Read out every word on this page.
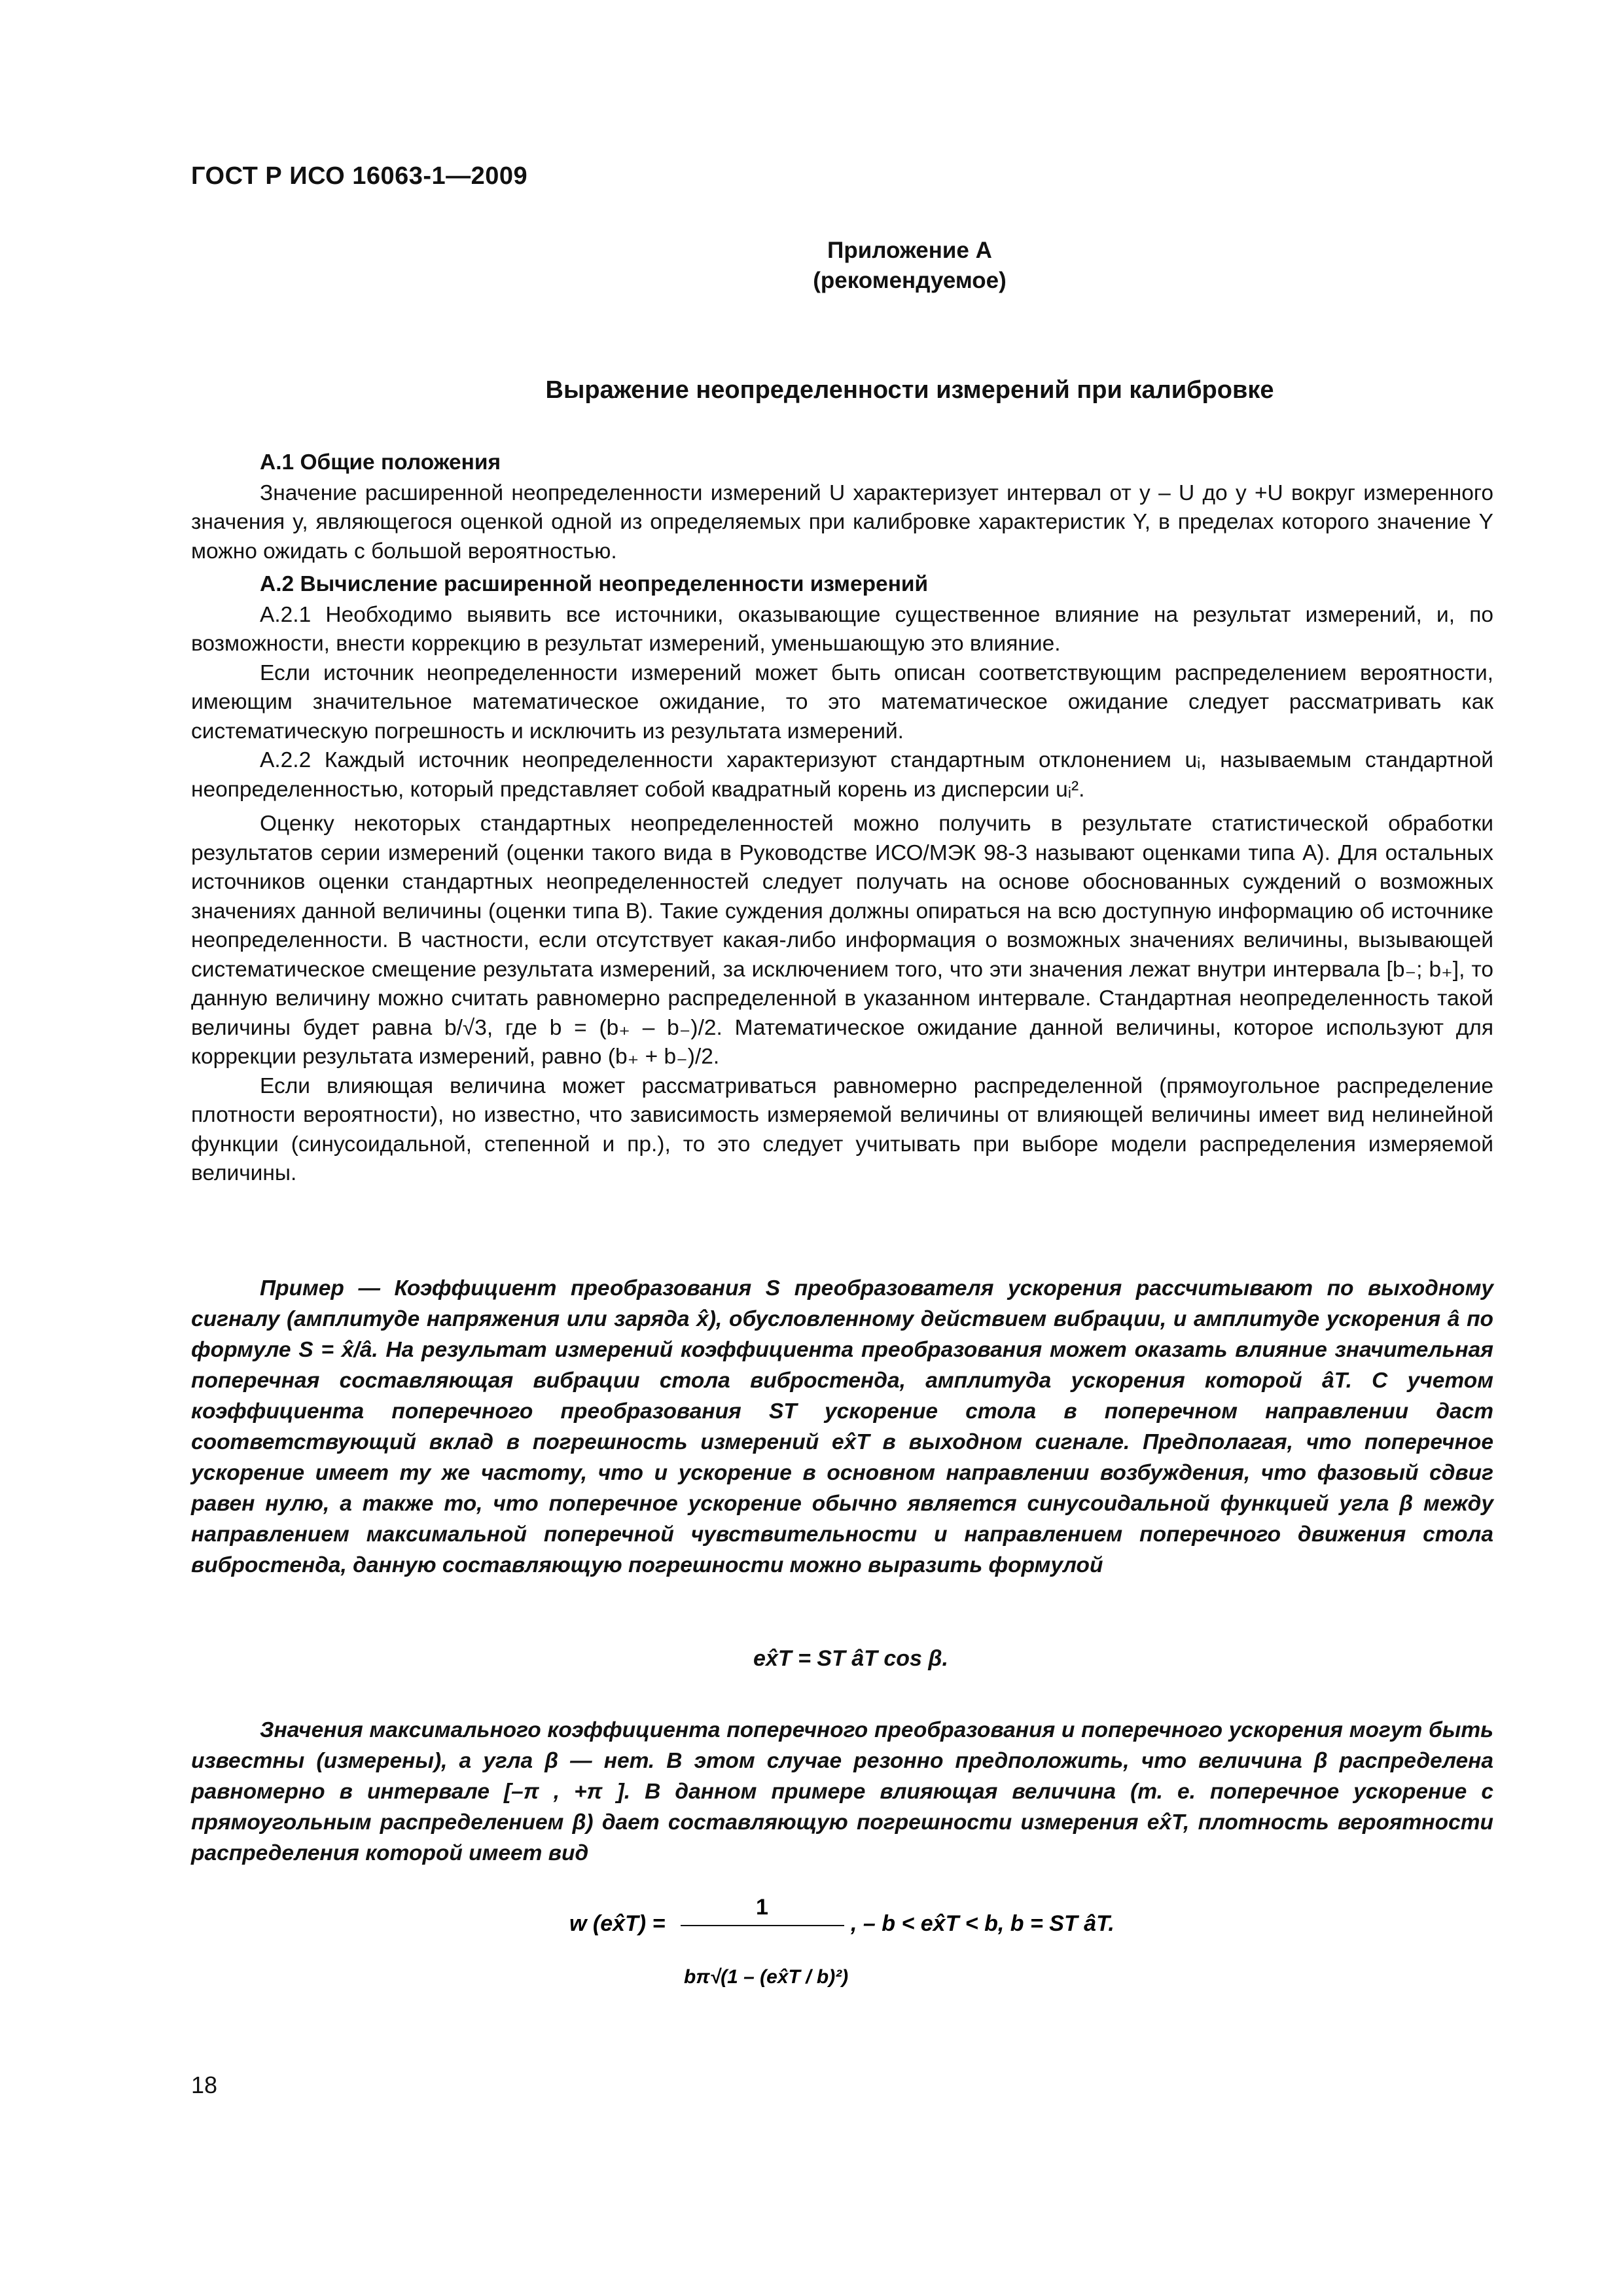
ГОСТ Р ИСО 16063-1—2009
Приложение А
(рекомендуемое)
Выражение неопределенности измерений при калибровке

А.1 Общие положения

Значение расширенной неопределенности измерений U характеризует интервал от y – U до y +U вокруг измеренного значения y, являющегося оценкой одной из определяемых при калибровке характеристик Y, в пределах которого значение Y можно ожидать с большой вероятностью.

А.2 Вычисление расширенной неопределенности измерений

А.2.1 Необходимо выявить все источники, оказывающие существенное влияние на результат измерений, и, по возможности, внести коррекцию в результат измерений, уменьшающую это влияние.

Если источник неопределенности измерений может быть описан соответствующим распределением вероятности, имеющим значительное математическое ожидание, то это математическое ожидание следует рассматривать как систематическую погрешность и исключить из результата измерений.

А.2.2 Каждый источник неопределенности характеризуют стандартным отклонением uᵢ, называемым стандартной неопределенностью, который представляет собой квадратный корень из дисперсии uᵢ².

Оценку некоторых стандартных неопределенностей можно получить в результате статистической обработки результатов серии измерений (оценки такого вида в Руководстве ИСО/МЭК 98-3 называют оценками типа А). Для остальных источников оценки стандартных неопределенностей следует получать на основе обоснованных суждений о возможных значениях данной величины (оценки типа В). Такие суждения должны опираться на всю доступную информацию об источнике неопределенности. В частности, если отсутствует какая-либо информация о возможных значениях величины, вызывающей систематическое смещение результата измерений, за исключением того, что эти значения лежат внутри интервала [b₋; b₊], то данную величину можно считать равномерно распределенной в указанном интервале. Стандартная неопределенность такой величины будет равна b/√3, где b = (b₊ – b₋)/2. Математическое ожидание данной величины, которое используют для коррекции результата измерений, равно (b₊ + b₋)/2.

Если влияющая величина может рассматриваться равномерно распределенной (прямоугольное распределение плотности вероятности), но известно, что зависимость измеряемой величины от влияющей величины имеет вид нелинейной функции (синусоидальной, степенной и пр.), то это следует учитывать при выборе модели распределения измеряемой величины.

Пример — Коэффициент преобразования S преобразователя ускорения рассчитывают по выходному сигналу (амплитуде напряжения или заряда x̂), обусловленному действием вибрации, и амплитуде ускорения â по формуле S = x̂/â. На результат измерений коэффициента преобразования может оказать влияние значительная поперечная составляющая вибрации стола вибростенда, амплитуда ускорения которой âT. С учетом коэффициента поперечного преобразования ST ускорение стола в поперечном направлении даст соответствующий вклад в погрешность измерений ex̂T в выходном сигнале. Предполагая, что поперечное ускорение имеет ту же частоту, что и ускорение в основном направлении возбуждения, что фазовый сдвиг равен нулю, а также то, что поперечное ускорение обычно является синусоидальной функцией угла β между направлением максимальной поперечной чувствительности и направлением поперечного движения стола вибростенда, данную составляющую погрешности можно выразить формулой

ex̂T = ST âT cos β.

Значения максимального коэффициента поперечного преобразования и поперечного ускорения могут быть известны (измерены), а угла β — нет. В этом случае резонно предположить, что величина β распределена равномерно в интервале [–π , +π ]. В данном примере влияющая величина (т. е. поперечное ускорение с прямоугольным распределением β) дает составляющую погрешности измерения ex̂T, плотность вероятности распределения которой имеет вид

w (ex̂T) =
1
bπ√(1 – (ex̂T / b)²)
, – b < ex̂T < b, b = ST âT.
18
